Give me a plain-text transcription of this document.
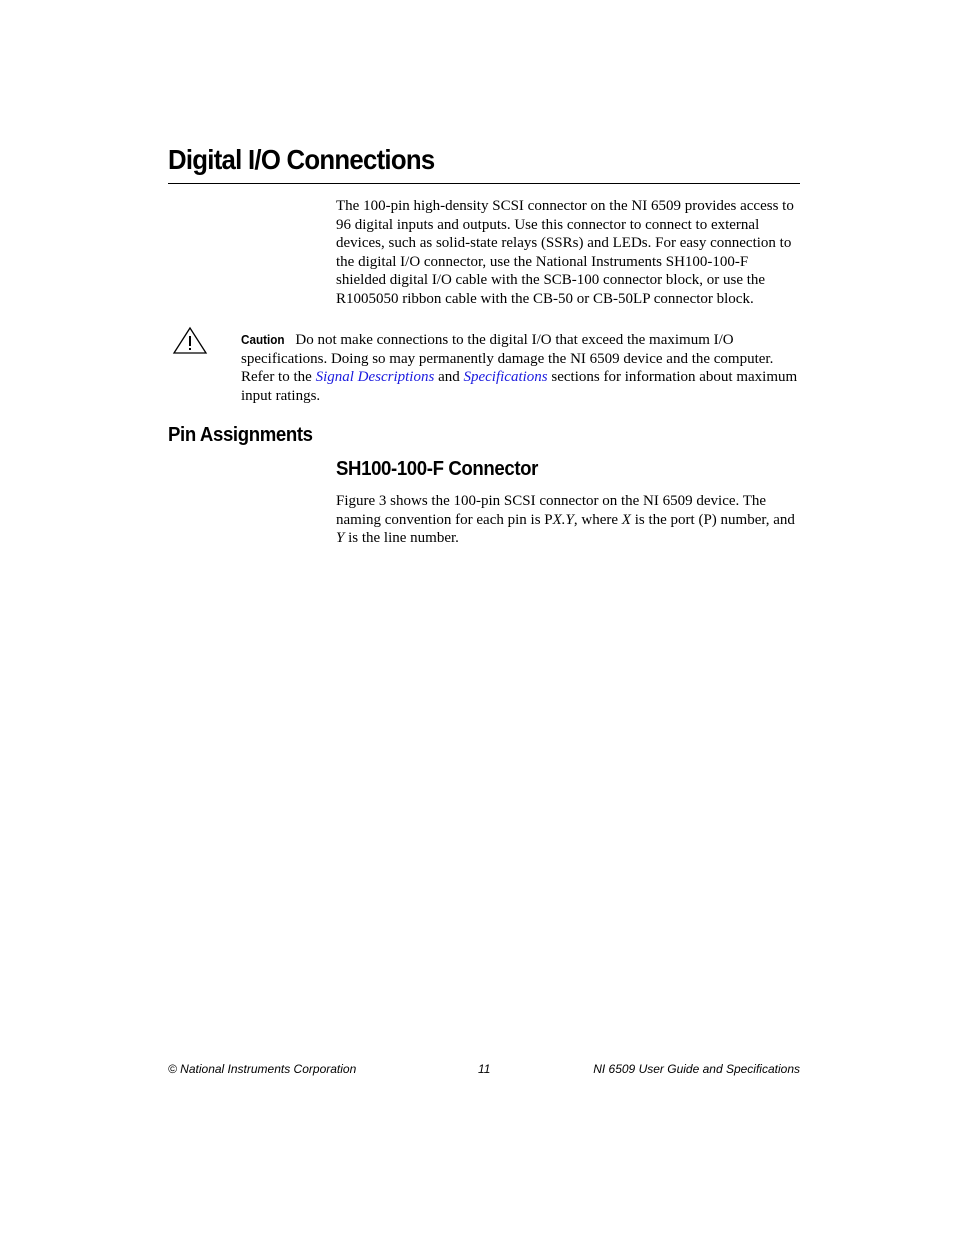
Digital I/O Connections

The 100-pin high-density SCSI connector on the NI 6509 provides access to 96 digital inputs and outputs. Use this connector to connect to external devices, such as solid-state relays (SSRs) and LEDs. For easy connection to the digital I/O connector, use the National Instruments SH100-100-F shielded digital I/O cable with the SCB-100 connector block, or use the R1005050 ribbon cable with the CB-50 or CB-50LP connector block.

Caution Do not make connections to the digital I/O that exceed the maximum I/O specifications. Doing so may permanently damage the NI 6509 device and the computer. Refer to the Signal Descriptions and Specifications sections for information about maximum input ratings.

Pin Assignments
SH100-100-F Connector

Figure 3 shows the 100-pin SCSI connector on the NI 6509 device. The naming convention for each pin is PX.Y, where X is the port (P) number, and Y is the line number.

© National Instruments Corporation	11	NI 6509 User Guide and Specifications
